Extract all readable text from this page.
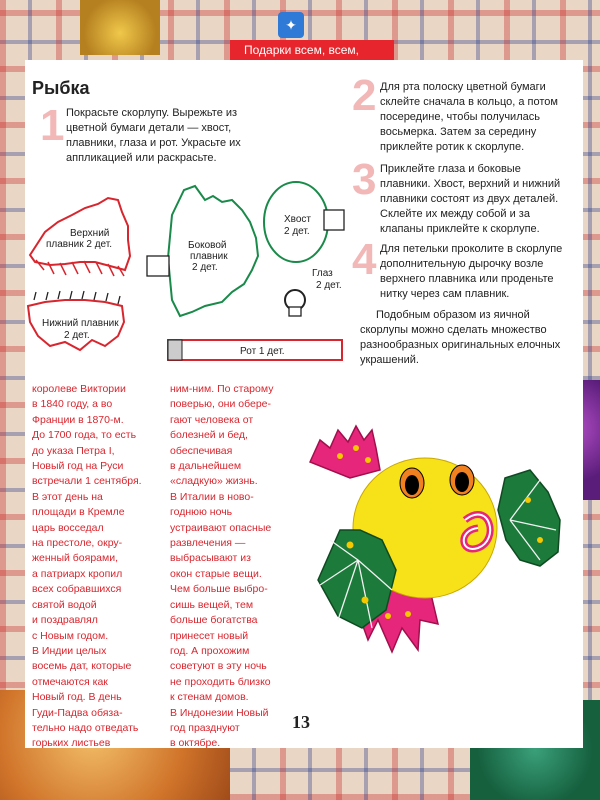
✦
Подарки всем, всем,
Рыбка
1 Покрасьте скорлупу. Вырежьте из цветной бумаги детали — хвост, плавники, глаза и рот. Украсьте их аппликацией или раскрасьте.
2 Для рта полоску цветной бумаги склейте сначала в кольцо, а потом посередине, чтобы получилась восьмерка. Затем за середину приклейте ротик к скорлупе.
3 Приклейте глаза и боковые плавники. Хвост, верхний и нижний плавники состоят из двух деталей. Склейте их между собой и за клапаны приклейте к скорлупе.
4 Для петельки проколите в скорлупе дополнительную дырочку возле верхнего плавника или проденьте нитку через сам плавник.
Подобным образом из яичной скорлупы можно сделать множество разнообразных оригинальных елочных украшений.
Верхний
плавник 2 дет.
Нижний плавник
2 дет.
Боковой
плавник
2 дет.
Хвост
2 дет.
Глаз
2 дет.
Рот 1 дет.
королеве Виктории
в 1840 году, а во
Франции в 1870-м.
До 1700 года, то есть
до указа Петра I,
Новый год на Руси
встречали 1 сентября.
В этот день на
площади в Кремле
царь восседал
на престоле, окру-
женный боярами,
а патриарх кропил
всех собравшихся
святой водой
и поздравлял
с Новым годом.
В Индии целых
восемь дат, которые
отмечаются как
Новый год. В день
Гуди-Падва обяза-
тельно надо отведать
горьких листьев
ним-ним. По старому
поверью, они обере-
гают человека от
болезней и бед,
обеспечивая
в дальнейшем
«сладкую» жизнь.
В Италии в ново-
годнюю ночь
устраивают опасные
развлечения —
выбрасывают из
окон старые вещи.
Чем больше выбро-
сишь вещей, тем
больше богатства
принесет новый
год. А прохожим
советуют в эту ночь
не проходить близко
к стенам домов.
В Индонезии Новый
год празднуют
в октябре.
13
